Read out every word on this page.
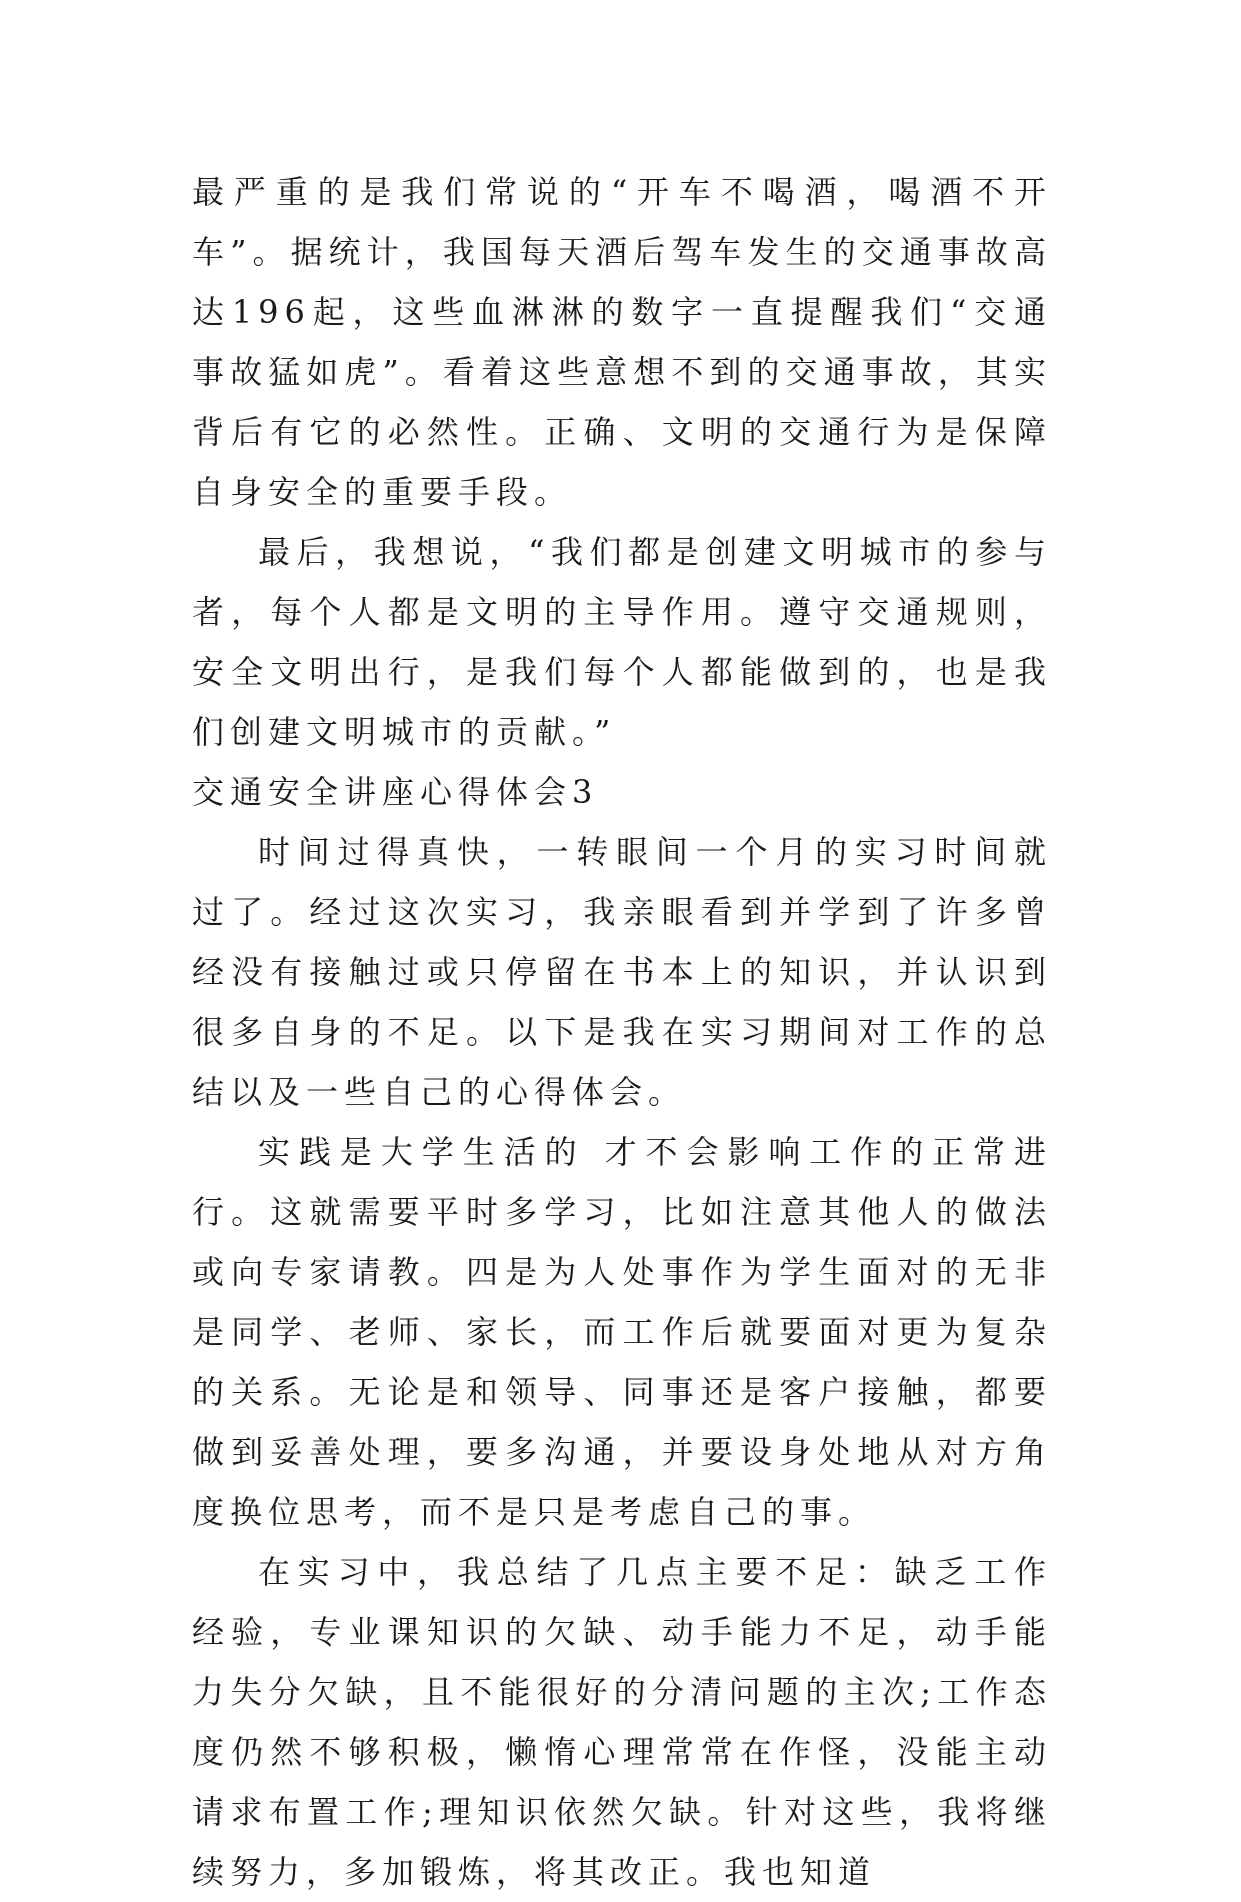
最严重的是我们常说的“开车不喝酒，喝酒不开车”。据统计，我国每天酒后驾车发生的交通事故高达196起，这些血淋淋的数字一直提醒我们“交通事故猛如虎”。看着这些意想不到的交通事故，其实背后有它的必然性。正确、文明的交通行为是保障自身安全的重要手段。

最后，我想说，“我们都是创建文明城市的参与者，每个人都是文明的主导作用。遵守交通规则，安全文明出行，是我们每个人都能做到的，也是我们创建文明城市的贡献。”

交通安全讲座心得体会3

时间过得真快，一转眼间一个月的实习时间就过了。经过这次实习，我亲眼看到并学到了许多曾经没有接触过或只停留在书本上的知识，并认识到很多自身的不足。以下是我在实习期间对工作的总结以及一些自己的心得体会。

实践是大学生活的 才不会影响工作的正常进行。这就需要平时多学习，比如注意其他人的做法或向专家请教。四是为人处事作为学生面对的无非是同学、老师、家长，而工作后就要面对更为复杂的关系。无论是和领导、同事还是客户接触，都要做到妥善处理，要多沟通，并要设身处地从对方角度换位思考，而不是只是考虑自己的事。

在实习中，我总结了几点主要不足：缺乏工作经验，专业课知识的欠缺、动手能力不足，动手能力失分欠缺，且不能很好的分清问题的主次;工作态度仍然不够积极，懒惰心理常常在作怪，没能主动请求布置工作;理知识依然欠缺。针对这些，我将继续努力，多加锻炼，将其改正。我也知道
